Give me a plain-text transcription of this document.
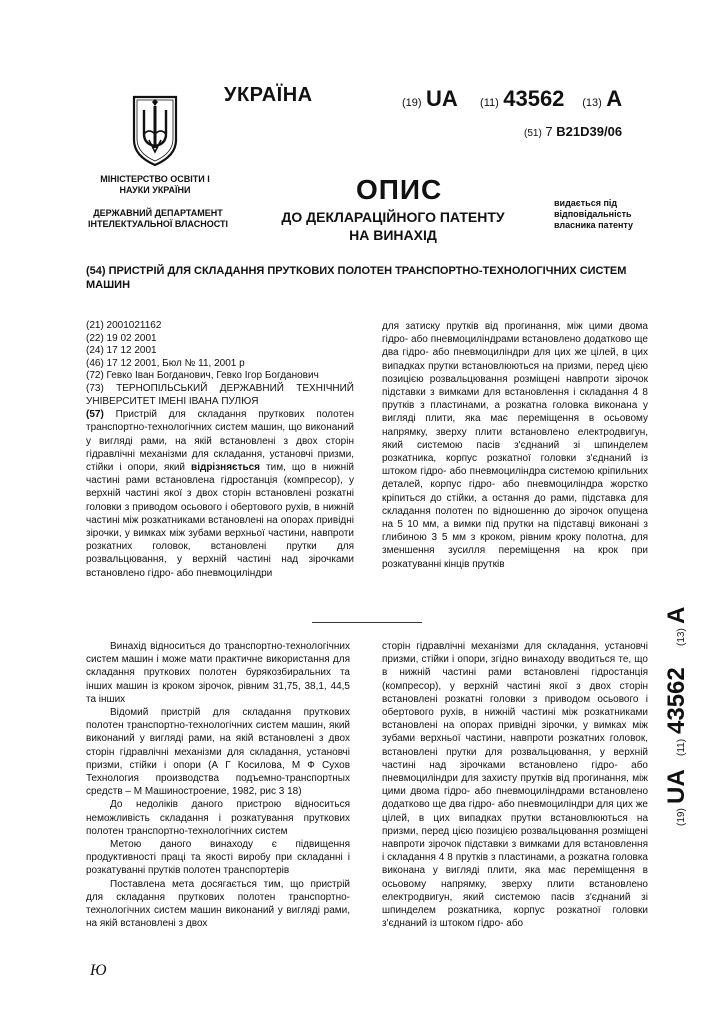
УКРАЇНА
МІНІСТЕРСТВО ОСВІТИ І НАУКИ УКРАЇНИ
ДЕРЖАВНИЙ ДЕПАРТАМЕНТ ІНТЕЛЕКТУАЛЬНОЇ ВЛАСНОСТІ
(19) UA (11) 43562 (13) A
(51) 7 B21D39/06
ОПИС
ДО ДЕКЛАРАЦІЙНОГО ПАТЕНТУ
НА ВИНАХІД
видається під відповідальність власника патенту
(54) ПРИСТРІЙ ДЛЯ СКЛАДАННЯ ПРУТКОВИХ ПОЛОТЕН ТРАНСПОРТНО-ТЕХНОЛОГІЧНИХ СИСТЕМ МАШИН
(21) 2001021162
(22) 19 02 2001
(24) 17 12 2001
(46) 17 12 2001, Бюл № 11, 2001 р
(72) Гевко Іван Богданович, Гевко Ігор Богданович
(73) ТЕРНОПІЛЬСЬКИЙ ДЕРЖАВНИЙ ТЕХНІЧНИЙ УНІВЕРСИТЕТ ІМЕНІ ІВАНА ПУЛЮЯ

(57) Пристрій для складання пруткових полотен транспортно-технологічних систем машин, що виконаний у вигляді рами, на якій встановлені з двох сторін гідравлічні механізми для складання, установчі призми, стійки і опори, який відрізняється тим, що в нижній частині рами встановлена гідростанція (компресор), у верхній частині якої з двох сторін встановлені розкатні головки з приводом осьового і обертового рухів, в нижній частині між розкатниками встановлені на опорах привідні зірочки, у вимках між зубами верхньої частини, навпроти розкатних головок, встановлені прутки для розвальцювання, у верхній частині над зірочками встановлено гідро- або пневмоциліндри

для затиску прутків від прогинання, між цими двома гідро- або пневмоциліндрами встановлено додатково ще два гідро- або пневмоциліндри для цих же цілей, в цих випадках прутки встановлюються на призми, перед цією позицією розвальцювання розміщені навпроти зірочок підставки з вимками для встановлення і складання 4 8 прутків з пластинами, а розкатна головка виконана у вигляді плити, яка має переміщення в осьовому напрямку, зверху плити встановлено електродвигун, який системою пасів з'єднаний зі шпинделем розкатника, корпус розкатної головки з'єднаний із штоком гідро- або пневмоциліндра системою кріпильних деталей, корпус гідро- або пневмоциліндра жорстко кріпиться до стійки, а остання до рами, підставка для складання полотен по відношенню до зірочок опущена на 5 10 мм, а вимки під прутки на підставці виконані з глибиною 3 5 мм з кроком, рівним кроку полотна, для зменшення зусилля переміщення на крок при розкатуванні кінців прутків

Винахід відноситься до транспортно-технологічних систем машин і може мати практичне використання для складання пруткових полотен бурякозбиральних та інших машин із кроком зірочок, рівним 31,75, 38,1, 44,5 та інших

Відомий пристрій для складання пруткових полотен транспортно-технологічних систем машин, який виконаний у вигляді рами, на якій встановлені з двох сторін гідравлічні механізми для складання, установчі призми, стійки і опори (А Г Косилова, М Ф Сухов Технология производства подъемно-транспортных средств – М Машиностроение, 1982, рис 3 18)

До недоліків даного пристрою відноситься неможливість складання і розкатування пруткових полотен транспортно-технологічних систем

Метою даного винаходу є підвищення продуктивності праці та якості виробу при складанні і розкатуванні прутків полотен транспортерів

Поставлена мета досягається тим, що пристрій для складання пруткових полотен транспортно-технологічних систем машин виконаний у вигляді рами, на якій встановлені з двох

сторін гідравлічні механізми для складання, установчі призми, стійки і опори, згідно винаходу вводиться те, що в нижній частині рами встановлені гідростанція (компресор), у верхній частині якої з двох сторін встановлені розкатні головки з приводом осьового і обертового рухів, в нижній частині між розкатниками встановлені на опорах привідні зірочки, у вимках між зубами верхньої частини, навпроти розкатних головок, встановлені прутки для розвальцювання, у верхній частині над зірочками встановлено гідро- або пневмоциліндри для захисту прутків від прогинання, між цими двома гідро- або пневмоциліндрами встановлено додатково ще два гідро- або пневмоциліндри для цих же цілей, в цих випадках прутки встановлюються на призми, перед цією позицією розвальцювання розміщені навпроти зірочок підставки з вимками для встановлення і складання 4 8 прутків з пластинами, а розкатна головка виконана у вигляді плити, яка має переміщення в осьовому напрямку, зверху плити встановлено електродвигун, який системою пасів з'єднаний зі шпинделем розкатника, корпус розкатної головки з'єднаний із штоком гідро- або

(19)
UA
(11)
43562
(13)
A
Ю
